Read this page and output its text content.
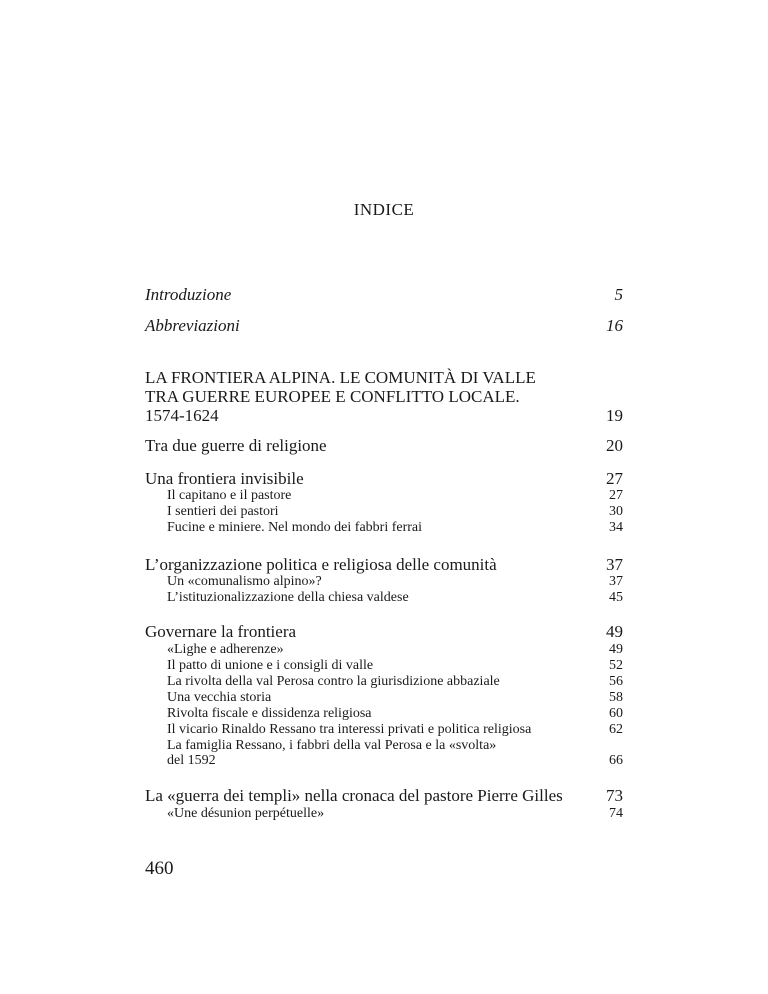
INDICE
Introduzione	5
Abbreviazioni	16
LA FRONTIERA ALPINA. LE COMUNITÀ DI VALLE
TRA GUERRE EUROPEE E CONFLITTO LOCALE.
1574-1624	19
Tra due guerre di religione	20
Una frontiera invisibile	27
Il capitano e il pastore	27
I sentieri dei pastori	30
Fucine e miniere. Nel mondo dei fabbri ferrai	34
L’organizzazione politica e religiosa delle comunità	37
Un «comunalismo alpino»?	37
L’istituzionalizzazione della chiesa valdese	45
Governare la frontiera	49
«Lighe e adherenze»	49
Il patto di unione e i consigli di valle	52
La rivolta della val Perosa contro la giurisdizione abbaziale	56
Una vecchia storia	58
Rivolta fiscale e dissidenza religiosa	60
Il vicario Rinaldo Ressano tra interessi privati e politica religiosa	62
La famiglia Ressano, i fabbri della val Perosa e la «svolta»
del 1592	66
La «guerra dei templi» nella cronaca del pastore Pierre Gilles	73
«Une désunion perpétuelle»	74
460
